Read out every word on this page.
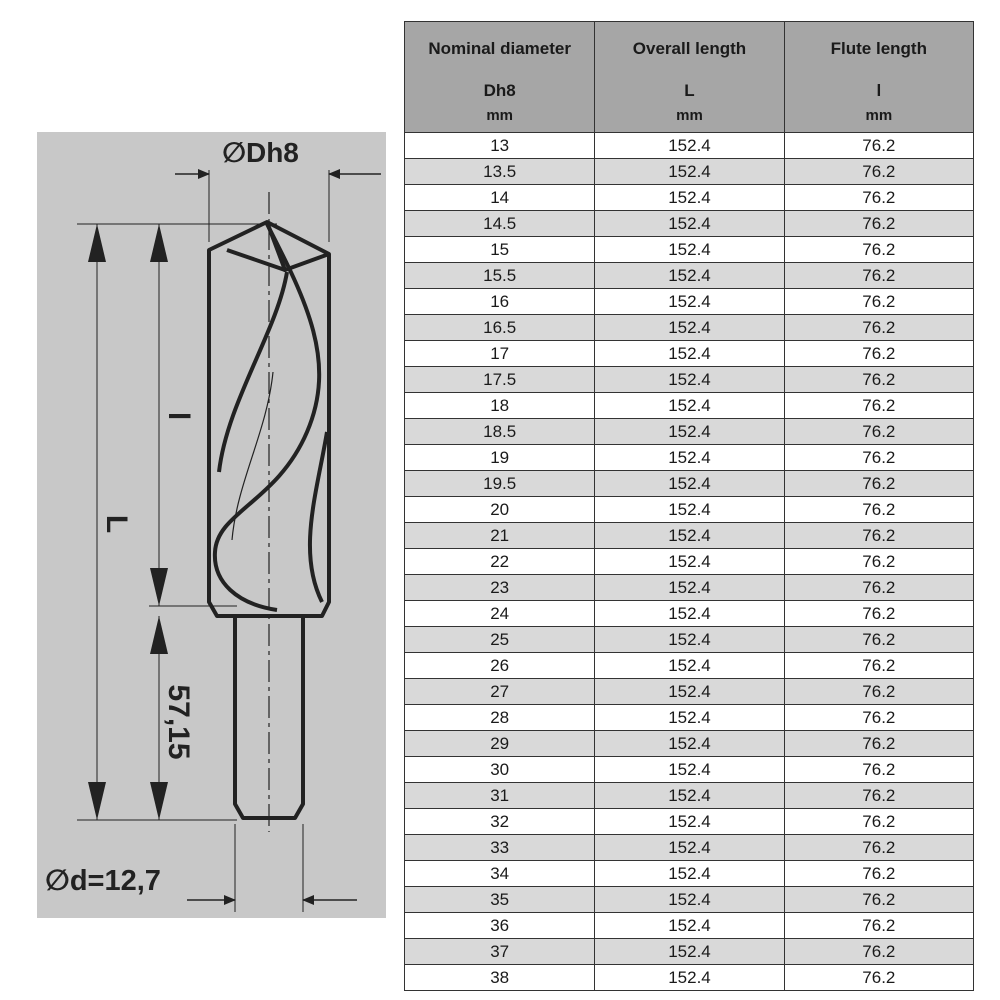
∅Dh8
L
l
57,15
∅d=12,7
Nominal diameter	Overall length	Flute length
Dh8	L	l
mm	mm	mm
13	152.4	76.2
13.5	152.4	76.2
14	152.4	76.2
14.5	152.4	76.2
15	152.4	76.2
15.5	152.4	76.2
16	152.4	76.2
16.5	152.4	76.2
17	152.4	76.2
17.5	152.4	76.2
18	152.4	76.2
18.5	152.4	76.2
19	152.4	76.2
19.5	152.4	76.2
20	152.4	76.2
21	152.4	76.2
22	152.4	76.2
23	152.4	76.2
24	152.4	76.2
25	152.4	76.2
26	152.4	76.2
27	152.4	76.2
28	152.4	76.2
29	152.4	76.2
30	152.4	76.2
31	152.4	76.2
32	152.4	76.2
33	152.4	76.2
34	152.4	76.2
35	152.4	76.2
36	152.4	76.2
37	152.4	76.2
38	152.4	76.2
